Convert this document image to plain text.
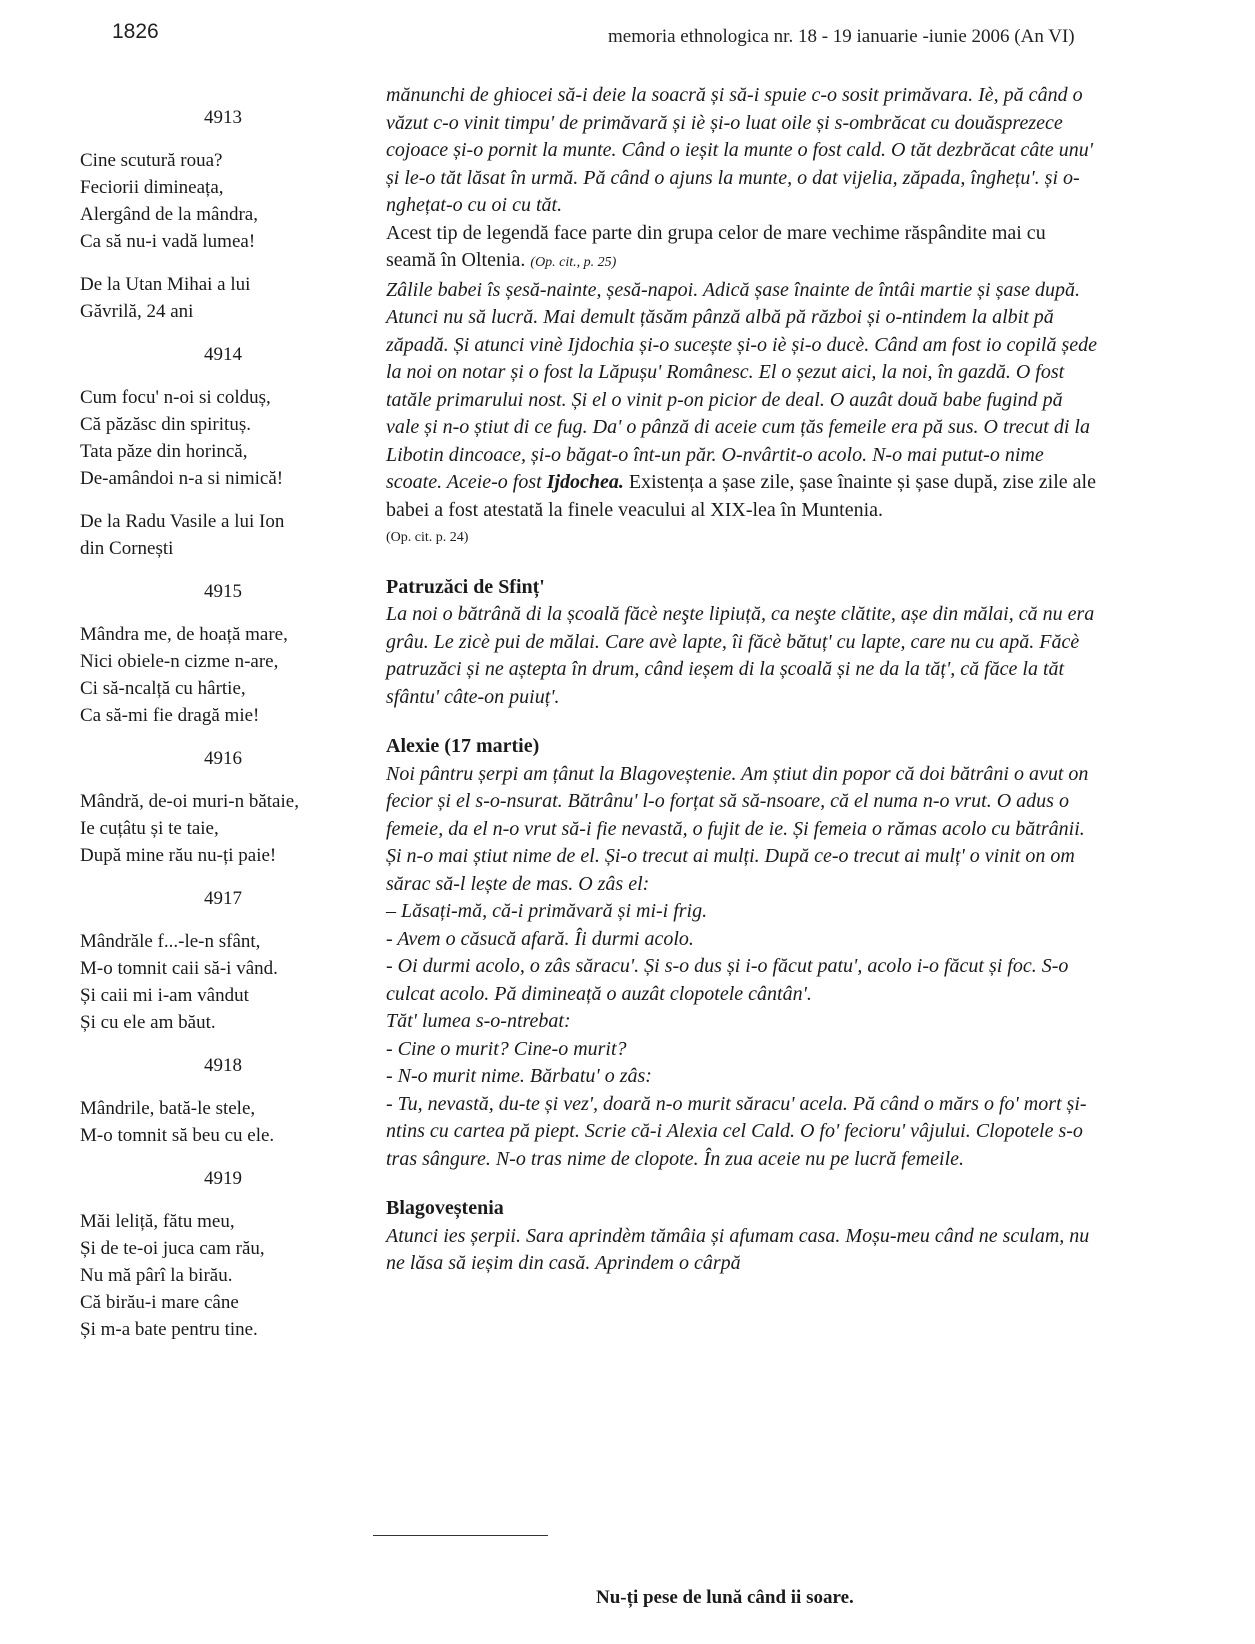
1826	memoria ethnologica nr. 18 - 19 ianuarie -iunie 2006 (An VI)
4913
Cine scutură roua?
Feciorii dimineața,
Alergând de la mândra,
Ca să nu-i vadă lumea!
De la Utan Mihai a lui
Găvrilă, 24 ani
4914
Cum focu' n-oi si colduș,
Că păzăsc din spirituș.
Tata păze din horincă,
De-amândoi n-a si nimică!
De la Radu Vasile a lui Ion
din Cornești
4915
Mândra me, de hoață mare,
Nici obiele-n cizme n-are,
Ci să-ncalță cu hârtie,
Ca să-mi fie dragă mie!
4916
Mândră, de-oi muri-n bătaie,
Ie cuțâtu și te taie,
După mine rău nu-ți paie!
4917
Mândrăle f...-le-n sfânt,
M-o tomnit caii să-i vând.
Și caii mi i-am vândut
Și cu ele am băut.
4918
Mândrile, bată-le stele,
M-o tomnit să beu cu ele.
4919
Măi leliță, fătu meu,
Și de te-oi juca cam rău,
Nu mă pârî la birău.
Că birău-i mare câne
Și m-a bate pentru tine.

mănunchi de ghiocei să-i deie la soacră și să-i spuie c-o sosit primăvara. Iè, pă când o văzut c-o vinit timpu' de primăvară și iè și-o luat oile și s-ombrăcat cu douăsprezece cojoace și-o pornit la munte. Când o ieșit la munte o fost cald. O tăt dezbrăcat câte unu' și le-o tăt lăsat în urmă. Pă când o ajuns la munte, o dat vijelia, zăpada, înghețu'. și o-nghețat-o cu oi cu tăt.

Acest tip de legendă face parte din grupa celor de mare vechime răspândite mai cu seamă în Oltenia. (Op. cit., p. 25)

Zâlile babei îs șesă-nainte, șesă-napoi. Adică șase înainte de întâi martie și șase după. Atunci nu să lucră. Mai demult țăsăm pânză albă pă război și o-ntindem la albit pă zăpadă. Și atunci vinè Ijdochia și-o sucește și-o iè și-o ducè. Când am fost io copilă șede la noi on notar și o fost la Lăpușu' Românesc. El o șezut aici, la noi, în gazdă. O fost tatăle primarului nost. Și el o vinit p-on picior de deal. O auzât două babe fugind pă vale și n-o știut di ce fug. Da' o pânză di aceie cum țăs femeile era pă sus. O trecut di la Libotin dincoace, și-o băgat-o înt-un păr. O-nvârtit-o acolo. N-o mai putut-o nime scoate. Aceie-o fost Ijdochea. Existența a șase zile, șase înainte și șase după, zise zile ale babei a fost atestată la finele veacului al XIX-lea în Muntenia.

(Op. cit. p. 24)

Patruzăci de Sfinț'

La noi o bătrână di la școală făcè neşte lipiuță, ca neşte clătite, așe din mălai, că nu era grâu. Le zicè pui de mălai. Care avè lapte, îi făcè bătuț' cu lapte, care nu cu apă. Făcè patruzăci și ne aștepta în drum, când ieșem di la școală și ne da la tăț', că făce la tăt sfântu' câte-on puiuț'.

Alexie (17 martie)

Noi pântru șerpi am țânut la Blagoveștenie. Am știut din popor că doi bătrâni o avut on fecior și el s-o-nsurat. Bătrânu' l-o forțat să să-nsoare, că el numa n-o vrut. O adus o femeie, da el n-o vrut să-i fie nevastă, o fujit de ie. Și femeia o rămas acolo cu bătrânii. Și n-o mai știut nime de el. Și-o trecut ai mulți. După ce-o trecut ai mulț' o vinit on om sărac să-l lește de mas. O zâs el:

– Lăsați-mă, că-i primăvară și mi-i frig.

- Avem o căsucă afară. Îi durmi acolo.

- Oi durmi acolo, o zâs săracu'. Și s-o dus și i-o făcut patu', acolo i-o făcut și foc. S-o culcat acolo. Pă dimineață o auzât clopotele cântân'.

Tăt' lumea s-o-ntrebat:

- Cine o murit? Cine-o murit?

- N-o murit nime. Bărbatu' o zâs:

- Tu, nevastă, du-te și vez', doară n-o murit săracu' acela. Pă când o mărs o fo' mort și-ntins cu cartea pă piept. Scrie că-i Alexia cel Cald. O fo' fecioru' vâjului. Clopotele s-o tras sângure. N-o tras nime de clopote. În zua aceie nu pe lucră femeile.

Blagoveștenia

Atunci ies șerpii. Sara aprindèm tămâia și afumam casa. Moșu-meu când ne sculam, nu ne lăsa să ieșim din casă. Aprindem o cârpă

Nu-ți pese de lună când ii soare.
